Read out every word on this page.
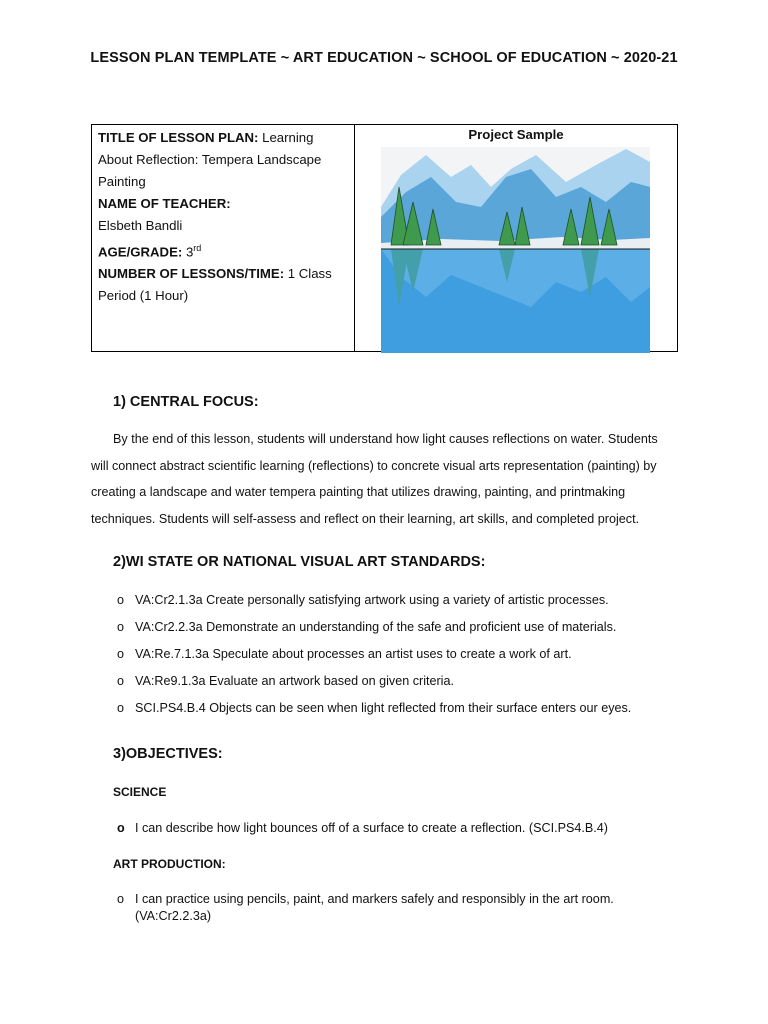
LESSON PLAN TEMPLATE ~ ART EDUCATION ~ SCHOOL OF EDUCATION ~ 2020-21
TITLE OF LESSON PLAN: Learning About Reflection: Tempera Landscape Painting
NAME OF TEACHER:
Elsbeth Bandli
AGE/GRADE: 3rd
NUMBER OF LESSONS/TIME: 1 Class Period (1 Hour)
Project Sample
1) CENTRAL FOCUS:
By the end of this lesson, students will understand how light causes reflections on water. Students will connect abstract scientific learning (reflections) to concrete visual arts representation (painting) by creating a landscape and water tempera painting that utilizes drawing, painting, and printmaking techniques. Students will self-assess and reflect on their learning, art skills, and completed project.
2)WI STATE OR NATIONAL VISUAL ART STANDARDS:
o VA:Cr2.1.3a Create personally satisfying artwork using a variety of artistic processes.
o VA:Cr2.2.3a Demonstrate an understanding of the safe and proficient use of materials.
o VA:Re.7.1.3a Speculate about processes an artist uses to create a work of art.
o VA:Re9.1.3a Evaluate an artwork based on given criteria.
o SCI.PS4.B.4 Objects can be seen when light reflected from their surface enters our eyes.
3)OBJECTIVES:
SCIENCE
o I can describe how light bounces off of a surface to create a reflection. (SCI.PS4.B.4)
ART PRODUCTION:
o I can practice using pencils, paint, and markers safely and responsibly in the art room. (VA:Cr2.2.3a)
